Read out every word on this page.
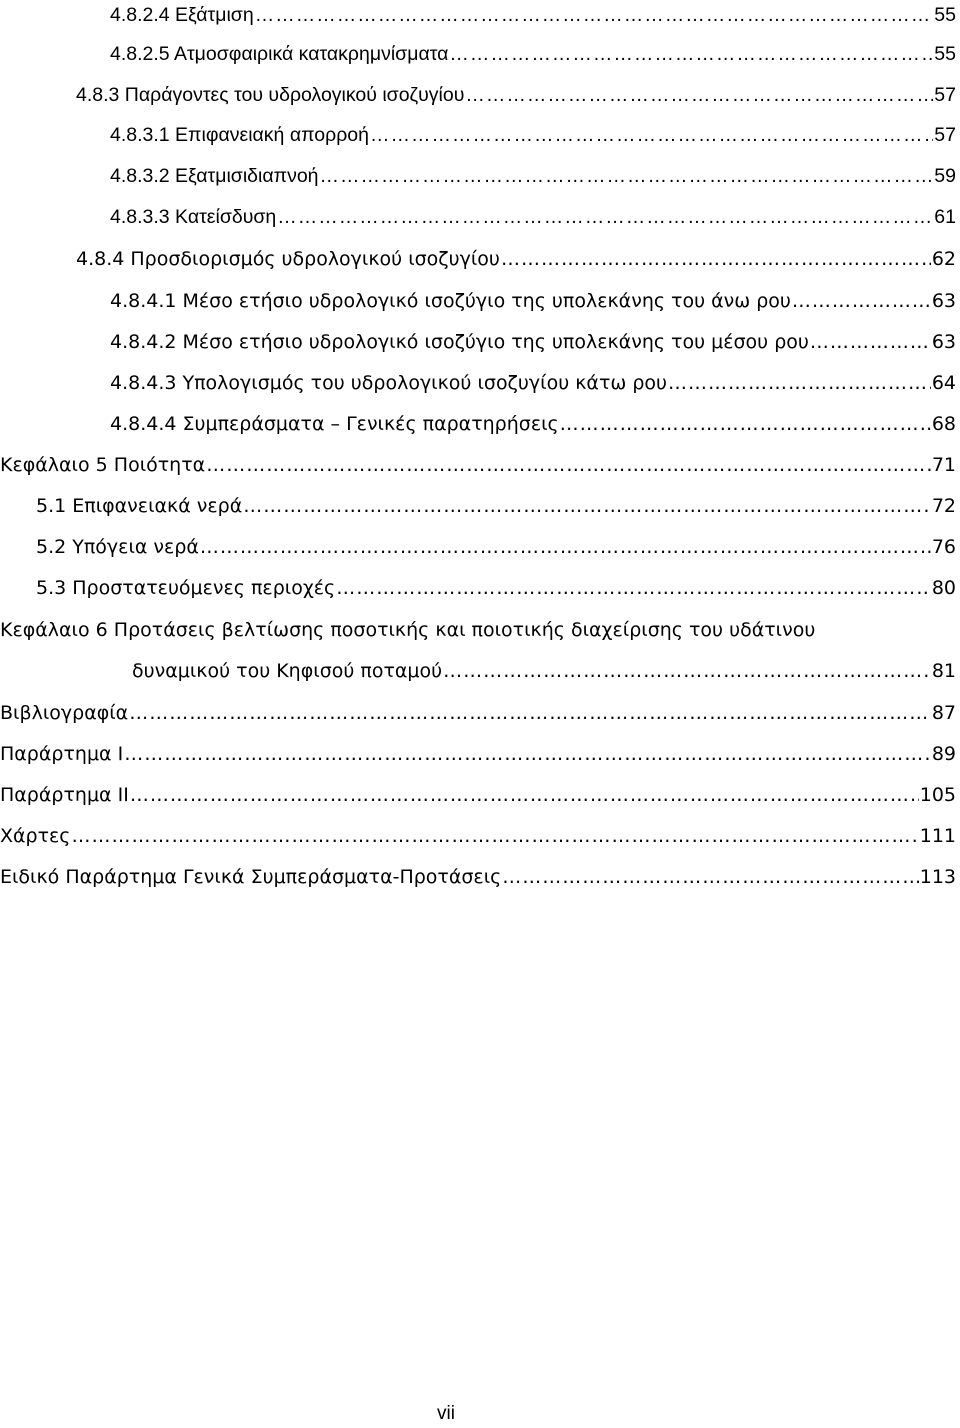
4.8.2.4 Εξάτμιση …………………………………………………………………………………………………………………………………………………………………………………………………………………………	55
4.8.2.5 Ατμοσφαιρικά κατακρημνίσματα …………………………………………………………………………………………………………………………………………………………………………………………………………………………	55
4.8.3 Παράγοντες του υδρολογικού ισοζυγίου …………………………………………………………………………………………………………………………………………………………………………………………………………………………	57
4.8.3.1 Επιφανειακή απορροή …………………………………………………………………………………………………………………………………………………………………………………………………………………………	57
4.8.3.2 Εξατμισιδιαπνοή …………………………………………………………………………………………………………………………………………………………………………………………………………………………	59
4.8.3.3 Κατείσδυση …………………………………………………………………………………………………………………………………………………………………………………………………………………………	61
4.8.4 Προσδιορισμός υδρολογικού ισοζυγίου …………………………………………………………………………………………………………………………………………………………………………………………………………………………	62
4.8.4.1 Μέσο ετήσιο υδρολογικό ισοζύγιο της υπολεκάνης του άνω ρου …………………………………………………………………………………………………………………………………………………………………………………………………………………………	63
4.8.4.2 Μέσο ετήσιο υδρολογικό ισοζύγιο της υπολεκάνης του μέσου ρου …………………………………………………………………………………………………………………………………………………………………………………………………………………………	63
4.8.4.3 Υπολογισμός του υδρολογικού ισοζυγίου κάτω ρου …………………………………………………………………………………………………………………………………………………………………………………………………………………………	64
4.8.4.4 Συμπεράσματα – Γενικές παρατηρήσεις …………………………………………………………………………………………………………………………………………………………………………………………………………………………	68
Κεφάλαιο 5 Ποιότητα …………………………………………………………………………………………………………………………………………………………………………………………………………………………	71
5.1 Επιφανειακά νερά …………………………………………………………………………………………………………………………………………………………………………………………………………………………	72
5.2 Υπόγεια νερά …………………………………………………………………………………………………………………………………………………………………………………………………………………………	76
5.3 Προστατευόμενες περιοχές …………………………………………………………………………………………………………………………………………………………………………………………………………………………	80
Κεφάλαιο 6 Προτάσεις βελτίωσης ποσοτικής και ποιοτικής διαχείρισης του υδάτινου
δυναμικού του Κηφισού ποταμού …………………………………………………………………………………………………………………………………………………………………………………………………………………………	81
Βιβλιογραφία …………………………………………………………………………………………………………………………………………………………………………………………………………………………	87
Παράρτημα Ι …………………………………………………………………………………………………………………………………………………………………………………………………………………………	89
Παράρτημα ΙΙ …………………………………………………………………………………………………………………………………………………………………………………………………………………………	105
Χάρτες …………………………………………………………………………………………………………………………………………………………………………………………………………………………	111
Ειδικό Παράρτημα Γενικά Συμπεράσματα-Προτάσεις …………………………………………………………………………………………………………………………………………………………………………………………………………………………	113
vii
